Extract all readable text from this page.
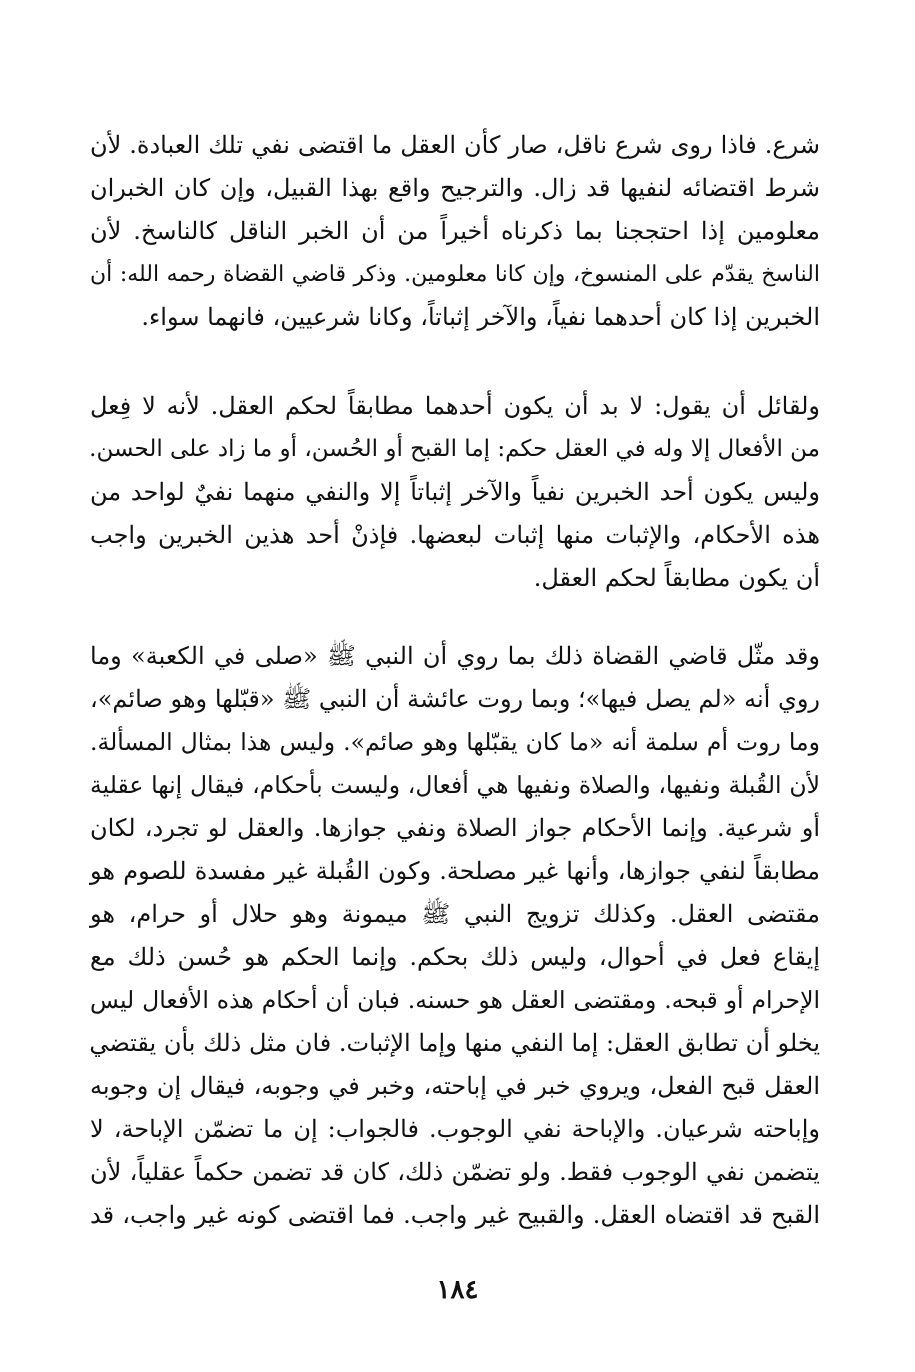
شرع. فاذا روى شرع ناقل، صار كأن العقل ما اقتضى نفي تلك العبادة. لأن
شرط اقتضائه لنفيها قد زال. والترجيح واقع بهذا القبيل، وإن كان الخبران
معلومين إذا احتججنا بما ذكرناه أخيراً من أن الخبر الناقل كالناسخ. لأن
الناسخ يقدّم على المنسوخ، وإن كانا معلومين. وذكر قاضي القضاة رحمه الله: أن
الخبرين إذا كان أحدهما نفياً، والآخر إثباتاً، وكانا شرعيين، فانهما سواء.
ولقائل أن يقول: لا بد أن يكون أحدهما مطابقاً لحكم العقل. لأنه لا فِعل
من الأفعال إلا وله في العقل حكم: إما القبح أو الحُسن، أو ما زاد على الحسن.
وليس يكون أحد الخبرين نفياً والآخر إثباتاً إلا والنفي منهما نفيٌ لواحد من
هذه الأحكام، والإثبات منها إثبات لبعضها. فإذنْ أحد هذين الخبرين واجب
أن يكون مطابقاً لحكم العقل.
وقد مثّل قاضي القضاة ذلك بما روي أن النبي ﷺ «صلى في الكعبة» وما
روي أنه «لم يصل فيها»؛ وبما روت عائشة أن النبي ﷺ «قبّلها وهو صائم»،
وما روت أم سلمة أنه «ما كان يقبّلها وهو صائم». وليس هذا بمثال المسألة.
لأن القُبلة ونفيها، والصلاة ونفيها هي أفعال، وليست بأحكام، فيقال إنها عقلية
أو شرعية. وإنما الأحكام جواز الصلاة ونفي جوازها. والعقل لو تجرد، لكان
مطابقاً لنفي جوازها، وأنها غير مصلحة. وكون القُبلة غير مفسدة للصوم هو
مقتضى العقل. وكذلك تزويج النبي ﷺ ميمونة وهو حلال أو حرام، هو
إيقاع فعل في أحوال، وليس ذلك بحكم. وإنما الحكم هو حُسن ذلك مع
الإحرام أو قبحه. ومقتضى العقل هو حسنه. فبان أن أحكام هذه الأفعال ليس
يخلو أن تطابق العقل: إما النفي منها وإما الإثبات. فان مثل ذلك بأن يقتضي
العقل قبح الفعل، ويروي خبر في إباحته، وخبر في وجوبه، فيقال إن وجوبه
وإباحته شرعيان. والإباحة نفي الوجوب. فالجواب: إن ما تضمّن الإباحة، لا
يتضمن نفي الوجوب فقط. ولو تضمّن ذلك، كان قد تضمن حكماً عقلياً، لأن
القبح قد اقتضاه العقل. والقبيح غير واجب. فما اقتضى كونه غير واجب، قد
١٨٤
